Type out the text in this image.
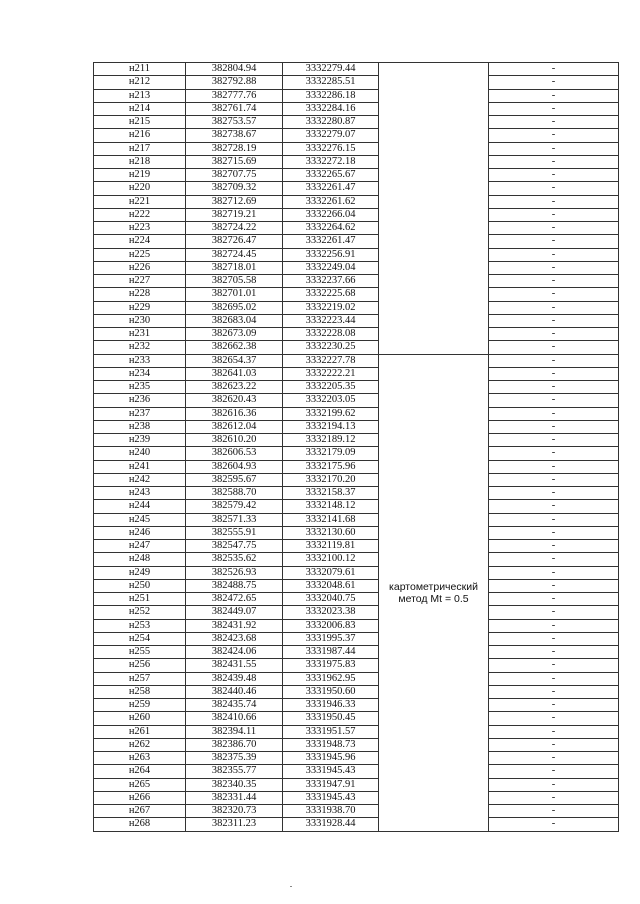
н211	382804.94	3332279.44		-
н212	382792.88	3332285.51		-
н213	382777.76	3332286.18		-
н214	382761.74	3332284.16		-
н215	382753.57	3332280.87		-
н216	382738.67	3332279.07		-
н217	382728.19	3332276.15		-
н218	382715.69	3332272.18		-
н219	382707.75	3332265.67		-
н220	382709.32	3332261.47		-
н221	382712.69	3332261.62		-
н222	382719.21	3332266.04		-
н223	382724.22	3332264.62		-
н224	382726.47	3332261.47		-
н225	382724.45	3332256.91		-
н226	382718.01	3332249.04		-
н227	382705.58	3332237.66		-
н228	382701.01	3332225.68		-
н229	382695.02	3332219.02		-
н230	382683.04	3332223.44		-
н231	382673.09	3332228.08		-
н232	382662.38	3332230.25		-
н233	382654.37	3332227.78	картометрический
метод Mt = 0.5	-
н234	382641.03	3332222.21		-
н235	382623.22	3332205.35		-
н236	382620.43	3332203.05		-
н237	382616.36	3332199.62		-
н238	382612.04	3332194.13		-
н239	382610.20	3332189.12		-
н240	382606.53	3332179.09		-
н241	382604.93	3332175.96		-
н242	382595.67	3332170.20		-
н243	382588.70	3332158.37		-
н244	382579.42	3332148.12		-
н245	382571.33	3332141.68		-
н246	382555.91	3332130.60		-
н247	382547.75	3332119.81		-
н248	382535.62	3332100.12		-
н249	382526.93	3332079.61		-
н250	382488.75	3332048.61		-
н251	382472.65	3332040.75		-
н252	382449.07	3332023.38		-
н253	382431.92	3332006.83		-
н254	382423.68	3331995.37		-
н255	382424.06	3331987.44		-
н256	382431.55	3331975.83		-
н257	382439.48	3331962.95		-
н258	382440.46	3331950.60		-
н259	382435.74	3331946.33		-
н260	382410.66	3331950.45		-
н261	382394.11	3331951.57		-
н262	382386.70	3331948.73		-
н263	382375.39	3331945.96		-
н264	382355.77	3331945.43		-
н265	382340.35	3331947.91		-
н266	382331.44	3331945.43		-
н267	382320.73	3331938.70		-
н268	382311.23	3331928.44		-
